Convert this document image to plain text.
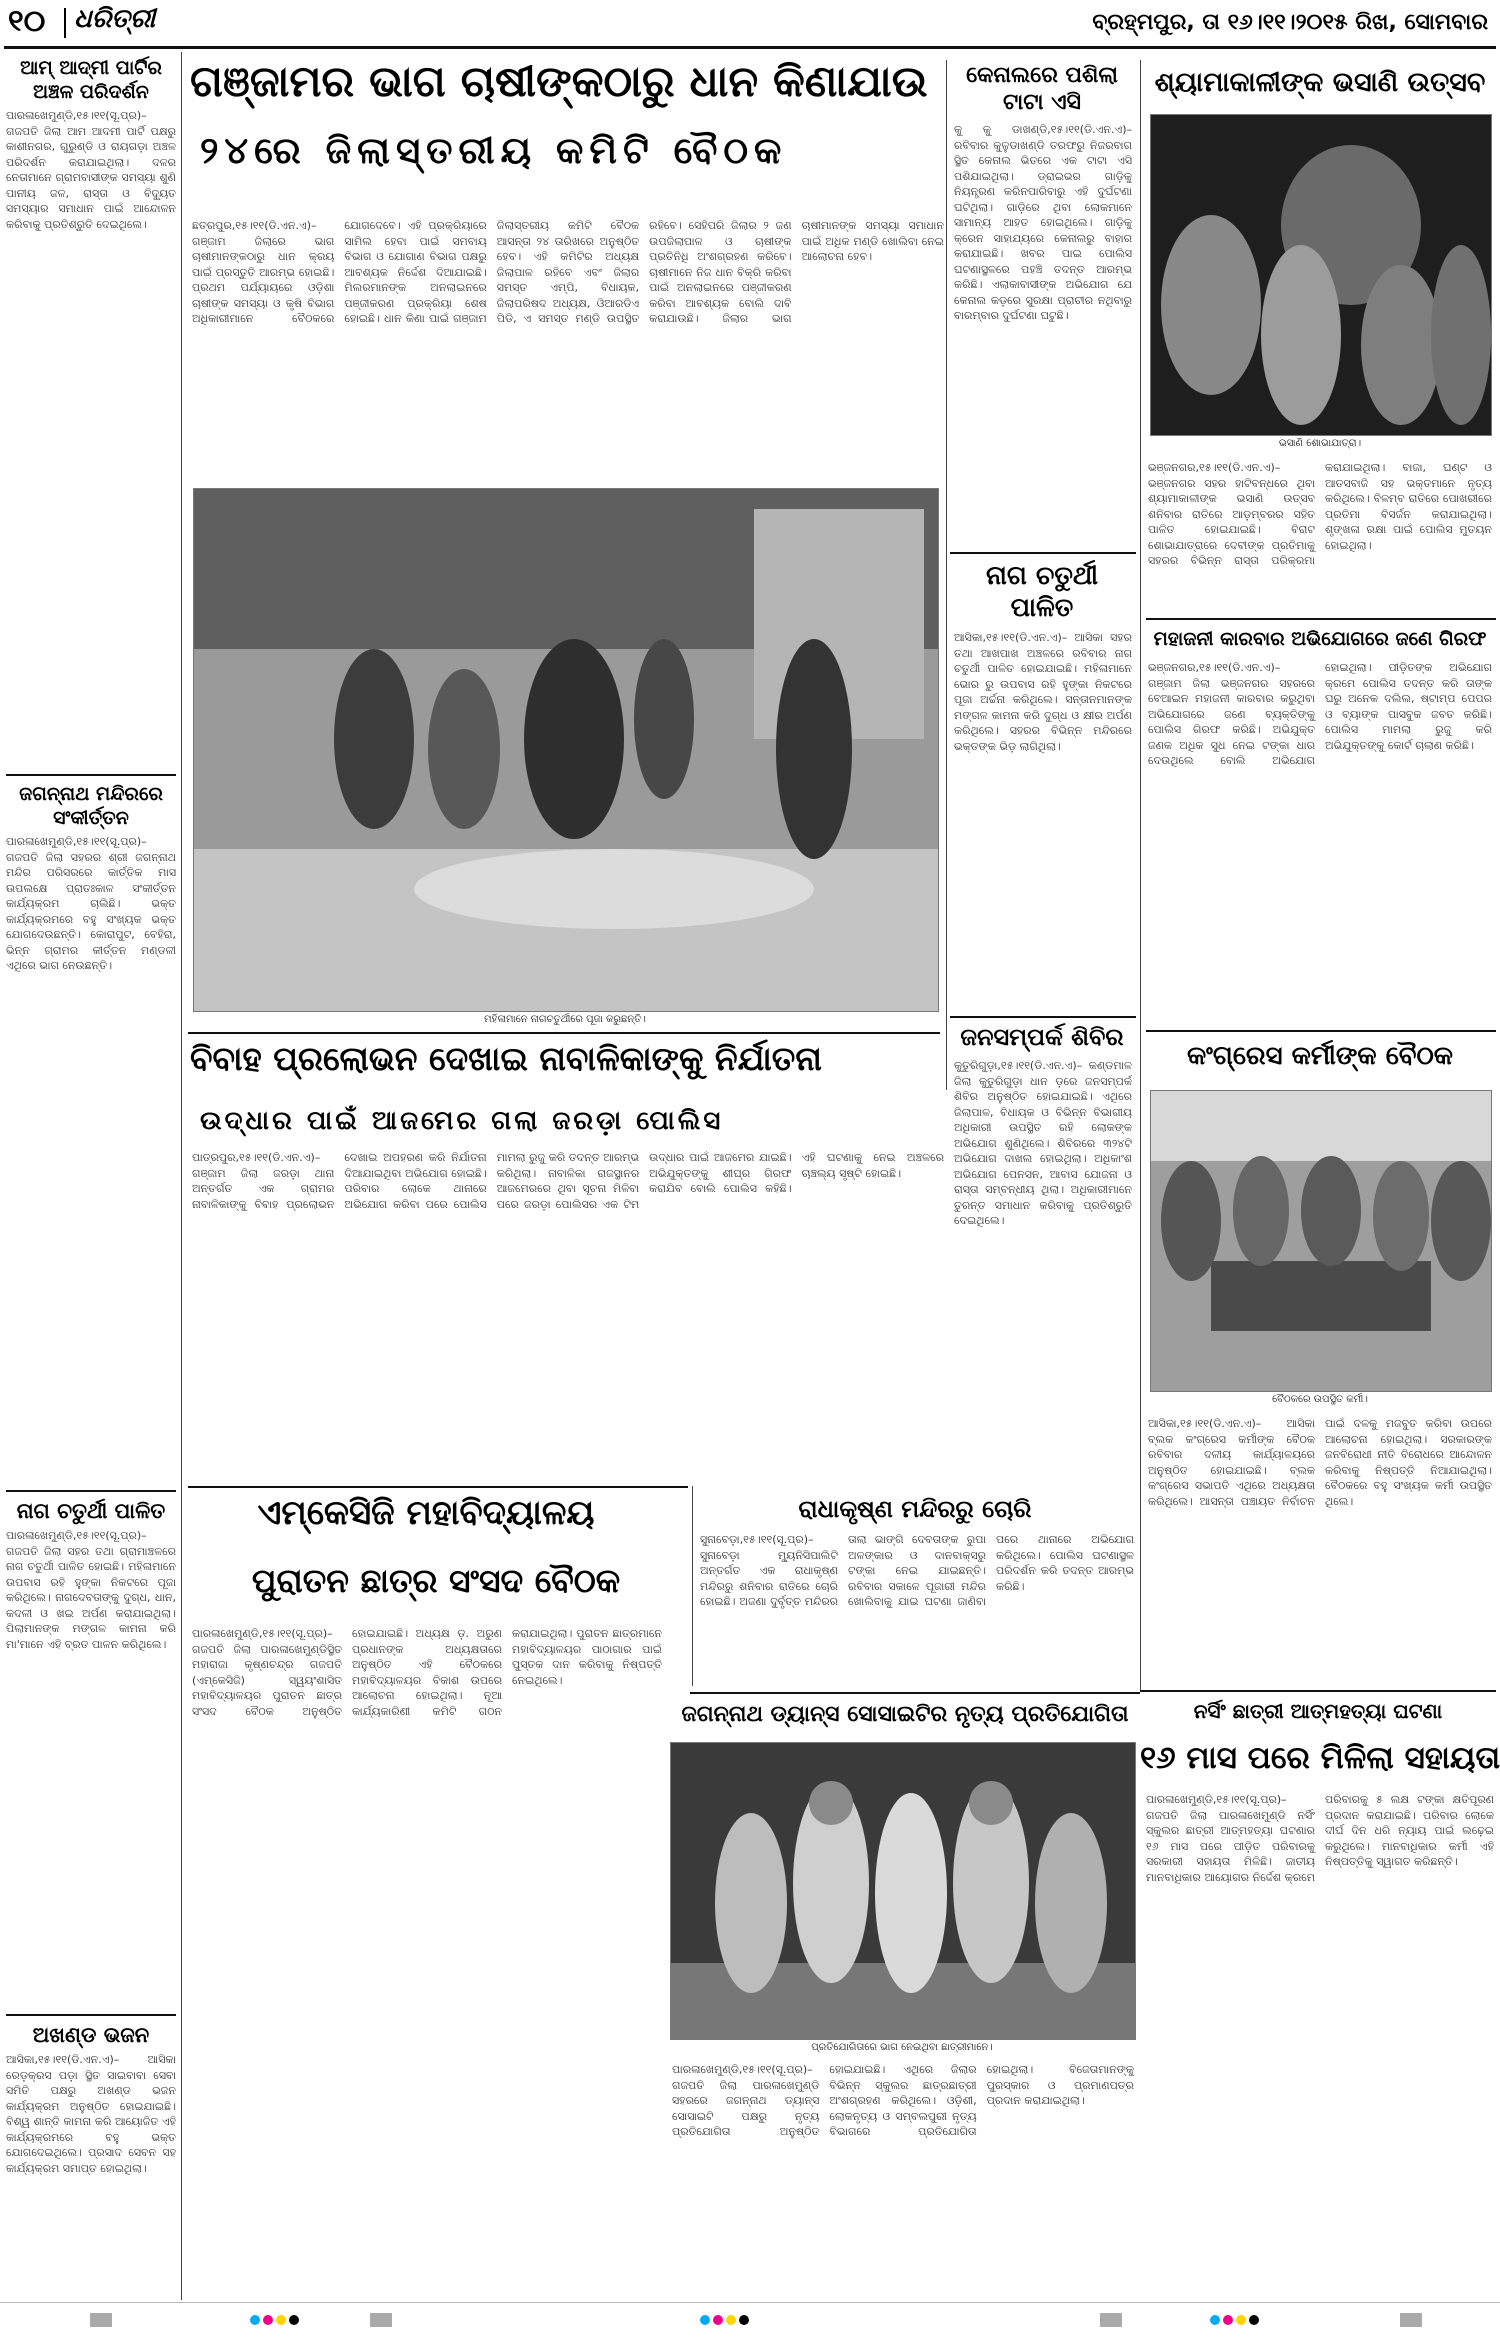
୧୦ ଧରିତ୍ରୀ	ବ୍ରହ୍ମପୁର, ତା ୧୬।୧୧।୨୦୧୫ ରିଖ, ସୋମବାର
ଆମ୍ ଆଦ୍‌ମୀ ପାର୍ଟିର ଅଞ୍ଚଳ ପରିଦର୍ଶନ
ପାରଳାଖେମୁଣ୍ଡି,୧୫।୧୧(ସୂ.ପ୍ର)– ଗଜପତି ଜିଲା ଆମ ଆଦମୀ ପାର୍ଟି ପକ୍ଷରୁ କାଶୀନଗର, ଗୁରୁଣ୍ଡି ଓ ରାୟଗଡ଼ା ଅଞ୍ଚଳ ପରିଦର୍ଶନ କରାଯାଇଥିଲା। ଦଳର ନେତାମାନେ ଗ୍ରାମବାସୀଙ୍କ ସମସ୍ୟା ଶୁଣି ପାନୀୟ ଜଳ, ରାସ୍ତା ଓ ବିଦ୍ୟୁତ ସମସ୍ୟାର ସମାଧାନ ପାଇଁ ଆନ୍ଦୋଳନ କରିବାକୁ ପ୍ରତିଶ୍ରୁତି ଦେଇଥିଲେ।
ଜଗନ୍ନାଥ ମନ୍ଦିରରେ ସଂକୀର୍ତ୍ତନ
ପାରଳାଖେମୁଣ୍ଡି,୧୫।୧୧(ସୂ.ପ୍ର)– ଗଜପତି ଜିଲା ସହରର ଶ୍ରୀ ଜଗନ୍ନାଥ ମନ୍ଦିର ପରିସରରେ କାର୍ତ୍ତିକ ମାସ ଉପଲକ୍ଷେ ପ୍ରାତଃକାଳ ସଂକୀର୍ତ୍ତନ କାର୍ଯ୍ୟକ୍ରମ ଚାଲିଛି। ଭକ୍ତ କାର୍ଯ୍ୟକ୍ରମରେ ବହୁ ସଂଖ୍ୟକ ଭକ୍ତ ଯୋଗଦେଉଛନ୍ତି। କୋରାପୁଟ, ବେହିରା, ଭିନ୍ନ ଗ୍ରାମର କୀର୍ତ୍ତନ ମଣ୍ଡଳୀ ଏଥିରେ ଭାଗ ନେଉଛନ୍ତି।
ନାଗ ଚତୁର୍ଥୀ ପାଳିତ
ପାରଳାଖେମୁଣ୍ଡି,୧୫।୧୧(ସୂ.ପ୍ର)– ଗଜପତି ଜିଲା ସହର ତଥା ଗ୍ରାମାଞ୍ଚଳରେ ନାଗ ଚତୁର୍ଥୀ ପାଳିତ ହୋଇଛି। ମହିଳାମାନେ ଉପବାସ ରହି ହୁଙ୍କା ନିକଟରେ ପୂଜା କରିଥିଲେ। ନାଗଦେବତାଙ୍କୁ ଦୁଗ୍ଧ, ଧାନ, କଦଳୀ ଓ ଖଇ ଅର୍ପଣ କରାଯାଇଥିଲା। ପିଲାମାନଙ୍କ ମଙ୍ଗଳ କାମନା କରି ମା'ମାନେ ଏହି ବ୍ରତ ପାଳନ କରିଥିଲେ।
ଅଖଣ୍ଡ ଭଜନ
ଆସିକା,୧୫।୧୧(ଡି.ଏନ.ଏ)– ଆସିକା ରେଡ଼କ୍ରସ ପଡ଼ା ସ୍ଥିତ ସାଇବାବା ସେବା ସମିତି ପକ୍ଷରୁ ଅଖଣ୍ଡ ଭଜନ କାର୍ଯ୍ୟକ୍ରମ ଅନୁଷ୍ଠିତ ହୋଇଯାଇଛି। ବିଶ୍ୱ ଶାନ୍ତି କାମନା କରି ଆୟୋଜିତ ଏହି କାର୍ଯ୍ୟକ୍ରମରେ ବହୁ ଭକ୍ତ ଯୋଗଦେଇଥିଲେ। ପ୍ରସାଦ ସେବନ ସହ କାର୍ଯ୍ୟକ୍ରମ ସମାପ୍ତ ହୋଇଥିଲା।
ଗଞ୍ଜାମର ଭାଗ ଚାଷୀଙ୍କଠାରୁ ଧାନ କିଣାଯାଉ
୨୪ରେ ଜିଲାସ୍ତରୀୟ କମିଟି ବୈଠକ
ଛତ୍ରପୁର,୧୫।୧୧(ଡି.ଏନ.ଏ)– ଗଞ୍ଜାମ ଜିଲାରେ ଭାଗ ଚାଷୀମାନଙ୍କଠାରୁ ଧାନ କ୍ରୟ ପାଇଁ ପ୍ରସ୍ତୁତି ଆରମ୍ଭ ହୋଇଛି। ପ୍ରଥମ ପର୍ଯ୍ୟାୟରେ ଓଡ଼ିଶା ଚାଷୀଙ୍କ ସମସ୍ୟା ଓ କୃଷି ବିଭାଗ ଅଧିକାରୀମାନେ ବୈଠକରେ ଯୋଗଦେବେ। ଏହି ପ୍ରକ୍ରିୟାରେ ସାମିଲ ହେବା ପାଇଁ ସମବାୟ ବିଭାଗ ଓ ଯୋଗାଣ ବିଭାଗ ପକ୍ଷରୁ ଆବଶ୍ୟକ ନିର୍ଦ୍ଦେଶ ଦିଆଯାଇଛି। ମିଲରମାନଙ୍କ ଅନଲାଇନରେ ପଞ୍ଜୀକରଣ ପ୍ରକ୍ରିୟା ଶେଷ ହୋଇଛି। ଧାନ କିଣା ପାଇଁ ଗଞ୍ଜାମ ଜିଲାସ୍ତରୀୟ କମିଟି ବୈଠକ ଆସନ୍ତା ୨୪ ତାରିଖରେ ଅନୁଷ୍ଠିତ ହେବ। ଏହି କମିଟିର ଅଧ୍ୟକ୍ଷ ଜିଲାପାଳ ରହିବେ ଏବଂ ଜିଲାର ସମସ୍ତ ଏମ୍‌ପି, ବିଧାୟକ, ଜିଲାପରିଷଦ ଅଧ୍ୟକ୍ଷ, ଓିଆରଡିଏ ପିଡି, ଏ ସମସ୍ତ ମଣ୍ଡି ଉପସ୍ଥିତ ରହିବେ। ସେହିପରି ଜିଲାର ୨ ଜଣ ଉପଜିଲାପାଳ ଓ ଚାଷୀଙ୍କ ପ୍ରତିନିଧି ଅଂଶଗ୍ରହଣ କରିବେ। ଚାଷୀମାନେ ନିଜ ଧାନ ବିକ୍ରି କରିବା ପାଇଁ ଅନଲାଇନରେ ପଞ୍ଜୀକରଣ କରିବା ଆବଶ୍ୟକ ବୋଲି ଦାବି କରାଯାଉଛି। ଜିଲାର ଭାଗ ଚାଷୀମାନଙ୍କ ସମସ୍ୟା ସମାଧାନ ପାଇଁ ଅଧିକ ମଣ୍ଡି ଖୋଲିବା ନେଇ ଆଲୋଚନା ହେବ।
ମହିଳାମାନେ ନାଗଚତୁର୍ଥୀରେ ପୂଜା କରୁଛନ୍ତି।
କେନାଲରେ ପଶିଲା ଟାଟା ଏସି
କୁ କୁ ଡାଖଣ୍ଡି,୧୫।୧୧(ଡି.ଏନ.ଏ)– ରବିବାର କୁଳୁଡାଖଣ୍ଡି ତରଫରୁ ନିଜରବାଗ ସ୍ଥିତ କେନାଲ ଭିତରେ ଏକ ଟାଟା ଏସି ପଶିଯାଇଥିଲା। ଡ୍ରାଇଭର ଗାଡ଼ିକୁ ନିୟନ୍ତ୍ରଣ କରିନପାରିବାରୁ ଏହି ଦୁର୍ଘଟଣା ଘଟିଥିଲା। ଗାଡ଼ିରେ ଥିବା ଲୋକମାନେ ସାମାନ୍ୟ ଆହତ ହୋଇଥିଲେ। ଗାଡ଼ିକୁ କ୍ରେନ ସାହାଯ୍ୟରେ କେନାଲରୁ ବାହାର କରାଯାଇଛି। ଖବର ପାଇ ପୋଲିସ ଘଟଣାସ୍ଥଳରେ ପହଞ୍ଚି ତଦନ୍ତ ଆରମ୍ଭ କରିଛି। ଏଲାକାବାସୀଙ୍କ ଅଭିଯୋଗ ଯେ କେନାଲ କଡ଼ରେ ସୁରକ୍ଷା ପ୍ରାଚୀର ନଥିବାରୁ ବାରମ୍ବାର ଦୁର୍ଘଟଣା ଘଟୁଛି।
ନାଗ ଚତୁର୍ଥୀ ପାଳିତ
ଆସିକା,୧୫।୧୧(ଡି.ଏନ.ଏ)– ଆସିକା ସହର ତଥା ଆଖପାଖ ଅଞ୍ଚଳରେ ରବିବାର ନାଗ ଚତୁର୍ଥୀ ପାଳିତ ହୋଇଯାଇଛି। ମହିଳାମାନେ ଭୋର ରୁ ଉପବାସ ରହି ହୁଙ୍କା ନିକଟରେ ପୂଜା ଅର୍ଚ୍ଚନା କରିଥିଲେ। ସନ୍ତାନମାନଙ୍କ ମଙ୍ଗଳ କାମନା କରି ଦୁଗ୍ଧ ଓ କ୍ଷୀର ଅର୍ପଣ କରିଥିଲେ। ସହରର ବିଭିନ୍ନ ମନ୍ଦିରରେ ଭକ୍ତଙ୍କ ଭିଡ଼ ଲାଗିଥିଲା।
ଜନସମ୍ପର୍କ ଶିବିର
କୁତୁରିଗୁଡ଼ା,୧୫।୧୧(ଡି.ଏନ.ଏ)– କଣ୍ଡମାଳ ଜିଲା କୁତୁରିଗୁଡ଼ା ଧାନ ଡ଼ରେ ଜନସମ୍ପର୍କ ଶିବିର ଅନୁଷ୍ଠିତ ହୋଇଯାଇଛି। ଏଥିରେ ଜିଲାପାଳ, ବିଧାୟକ ଓ ବିଭିନ୍ନ ବିଭାଗୀୟ ଅଧିକାରୀ ଉପସ୍ଥିତ ରହି ଲୋକଙ୍କ ଅଭିଯୋଗ ଶୁଣିଥିଲେ। ଶିବିରରେ ୩୨୪ଟି ଅଭିଯୋଗ ଦାଖଲ ହୋଇଥିଲା। ଅଧିକାଂଶ ଅଭିଯୋଗ ପେନସନ, ଆବାସ ଯୋଜନା ଓ ରାସ୍ତା ସମ୍ବନ୍ଧୀୟ ଥିଲା। ଅଧିକାରୀମାନେ ତୁରନ୍ତ ସମାଧାନ କରିବାକୁ ପ୍ରତିଶ୍ରୁତି ଦେଇଥିଲେ।
ଶ୍ୟାମାକାଳୀଙ୍କ ଭସାଣି ଉତ୍ସବ
ଭସାଣି ଶୋଭାଯାତ୍ରା।
ଭଞ୍ଜନଗର,୧୫।୧୧(ଡି.ଏନ.ଏ)– ଭଞ୍ଜନଗର ସହର ହାଟିବନ୍ଧରେ ଥିବା ଶ୍ୟାମାକାଳୀଙ୍କ ଭସାଣି ଉତ୍ସବ ଶନିବାର ରାତିରେ ଆଡ଼ମ୍ବରର ସହିତ ପାଳିତ ହୋଇଯାଇଛି। ବିରାଟ ଶୋଭାଯାତ୍ରାରେ ଦେବୀଙ୍କ ପ୍ରତିମାକୁ ସହରର ବିଭିନ୍ନ ରାସ୍ତା ପରିକ୍ରମା କରାଯାଇଥିଲା। ବାଜା, ଘଣ୍ଟ ଓ ଆତସବାଜି ସହ ଭକ୍ତମାନେ ନୃତ୍ୟ କରିଥିଲେ। ବିଳମ୍ବ ରାତିରେ ପୋଖରୀରେ ପ୍ରତିମା ବିସର୍ଜନ କରାଯାଇଥିଲା। ଶୃଙ୍ଖଳା ରକ୍ଷା ପାଇଁ ପୋଲିସ ମୁତୟନ ହୋଇଥିଲା।
ମହାଜନୀ କାରବାର ଅଭିଯୋଗରେ ଜଣେ ଗିରଫ
ଭଞ୍ଜନଗର,୧୫।୧୧(ଡି.ଏନ.ଏ)– ଗଞ୍ଜାମ ଜିଲା ଭଞ୍ଜନଗର ସହରରେ ବେଆଇନ ମହାଜନୀ କାରବାର କରୁଥିବା ଅଭିଯୋଗରେ ଜଣେ ବ୍ୟକ୍ତିଙ୍କୁ ପୋଲିସ ଗିରଫ କରିଛି। ଅଭିଯୁକ୍ତ ଜଣକ ଅଧିକ ସୁଧ ନେଇ ଟଙ୍କା ଧାର ଦେଉଥିଲେ ବୋଲି ଅଭିଯୋଗ ହୋଇଥିଲା। ପୀଡ଼ିତଙ୍କ ଅଭିଯୋଗ କ୍ରମେ ପୋଲିସ ତଦନ୍ତ କରି ତାଙ୍କ ଘରୁ ଅନେକ ଦଲିଲ, ଷ୍ଟାମ୍ପ ପେପର ଓ ବ୍ୟାଙ୍କ ପାସବୁକ ଜବତ କରିଛି। ପୋଲିସ ମାମଲା ରୁଜୁ କରି ଅଭିଯୁକ୍ତଙ୍କୁ କୋର୍ଟ ଚାଲାଣ କରିଛି।
କଂଗ୍ରେସ କର୍ମୀଙ୍କ ବୈଠକ
ବୈଠକରେ ଉପସ୍ଥିତ କର୍ମୀ।
ଆସିକା,୧୫।୧୧(ଡି.ଏନ.ଏ)– ଆସିକା ବ୍ଲକ କଂଗ୍ରେସ କର୍ମୀଙ୍କ ବୈଠକ ରବିବାର ଦଳୀୟ କାର୍ଯ୍ୟାଳୟରେ ଅନୁଷ୍ଠିତ ହୋଇଯାଇଛି। ବ୍ଲକ କଂଗ୍ରେସ ସଭାପତି ଏଥିରେ ଅଧ୍ୟକ୍ଷତା କରିଥିଲେ। ଆସନ୍ତା ପଞ୍ଚାୟତ ନିର୍ବାଚନ ପାଇଁ ଦଳକୁ ମଜବୁତ କରିବା ଉପରେ ଆଲୋଚନା ହୋଇଥିଲା। ସରକାରଙ୍କ ଜନବିରୋଧୀ ନୀତି ବିରୋଧରେ ଆନ୍ଦୋଳନ କରିବାକୁ ନିଷ୍ପତ୍ତି ନିଆଯାଇଥିଲା। ବୈଠକରେ ବହୁ ସଂଖ୍ୟକ କର୍ମୀ ଉପସ୍ଥିତ ଥିଲେ।
ବିବାହ ପ୍ରଲୋଭନ ଦେଖାଇ ନାବାଳିକାଙ୍କୁ ନିର୍ଯାତନା
ଉଦ୍ଧାର ପାଇଁ ଆଜମେର ଗଲା ଜରଡ଼ା ପୋଲିସ
ପାତ୍ରପୁର,୧୫।୧୧(ଡି.ଏନ.ଏ)– ଗଞ୍ଜାମ ଜିଲା ଜରଡ଼ା ଥାନା ଅନ୍ତର୍ଗତ ଏକ ଗ୍ରାମର ନାବାଳିକାଙ୍କୁ ବିବାହ ପ୍ରଲୋଭନ ଦେଖାଇ ଅପହରଣ କରି ନିର୍ଯାତନା ଦିଆଯାଇଥିବା ଅଭିଯୋଗ ହୋଇଛି। ପରିବାର ଲୋକେ ଥାନାରେ ଅଭିଯୋଗ କରିବା ପରେ ପୋଲିସ ମାମଲା ରୁଜୁ କରି ତଦନ୍ତ ଆରମ୍ଭ କରିଥିଲା। ନାବାଳିକା ରାଜସ୍ଥାନର ଆଜମେରରେ ଥିବା ସୂଚନା ମିଳିବା ପରେ ଜରଡ଼ା ପୋଲିସର ଏକ ଟିମ ଉଦ୍ଧାର ପାଇଁ ଆଜମେର ଯାଇଛି। ଅଭିଯୁକ୍ତଙ୍କୁ ଶୀଘ୍ର ଗିରଫ କରାଯିବ ବୋଲି ପୋଲିସ କହିଛି। ଏହି ଘଟଣାକୁ ନେଇ ଅଞ୍ଚଳରେ ଚାଞ୍ଚଲ୍ୟ ସୃଷ୍ଟି ହୋଇଛି।
ଏମ୍‌କେସିଜି ମହାବିଦ୍ୟାଳୟ
ପୁରାତନ ଛାତ୍ର ସଂସଦ ବୈଠକ
ପାରଳାଖେମୁଣ୍ଡି,୧୫।୧୧(ସୂ.ପ୍ର)– ଗଜପତି ଜିଲା ପାରଳାଖେମୁଣ୍ଡିସ୍ଥିତ ମହାରାଜା କୃଷ୍ଣଚନ୍ଦ୍ର ଗଜପତି (ଏମ୍‌କେସିଜି) ସ୍ୱୟଂଶାସିତ ମହାବିଦ୍ୟାଳୟର ପୁରାତନ ଛାତ୍ର ସଂସଦ ବୈଠକ ଅନୁଷ୍ଠିତ ହୋଇଯାଇଛି। ଅଧ୍ୟକ୍ଷ ଡ଼. ଅରୁଣ ପ୍ରଧାନଙ୍କ ଅଧ୍ୟକ୍ଷତାରେ ଅନୁଷ୍ଠିତ ଏହି ବୈଠକରେ ମହାବିଦ୍ୟାଳୟର ବିକାଶ ଉପରେ ଆଲୋଚନା ହୋଇଥିଲା। ନୂଆ କାର୍ଯ୍ୟକାରିଣୀ କମିଟି ଗଠନ କରାଯାଇଥିଲା। ପୁରାତନ ଛାତ୍ରମାନେ ମହାବିଦ୍ୟାଳୟର ପାଠାଗାର ପାଇଁ ପୁସ୍ତକ ଦାନ କରିବାକୁ ନିଷ୍ପତ୍ତି ନେଇଥିଲେ।
ରାଧାକୃଷ୍ଣ ମନ୍ଦିରରୁ ଚୋରି
ସୁନାବେଡ଼ା,୧୫।୧୧(ସୂ.ପ୍ର)– ସୁନାବେଡ଼ା ମ୍ୟୁନିସିପାଲିଟି ଅନ୍ତର୍ଗତ ଏକ ରାଧାକୃଷ୍ଣ ମନ୍ଦିରରୁ ଶନିବାର ରାତିରେ ଚୋରି ହୋଇଛି। ଅଜଣା ଦୁର୍ବୃତ୍ତ ମନ୍ଦିରର ତାଲା ଭାଙ୍ଗି ଦେବତାଙ୍କ ରୁପା ଅଳଙ୍କାର ଓ ଦାନବାକ୍ସରୁ ଟଙ୍କା ନେଇ ଯାଇଛନ୍ତି। ରବିବାର ସକାଳେ ପୂଜାରୀ ମନ୍ଦିର ଖୋଲିବାକୁ ଯାଇ ଘଟଣା ଜାଣିବା ପରେ ଥାନାରେ ଅଭିଯୋଗ କରିଥିଲେ। ପୋଲିସ ଘଟଣାସ୍ଥଳ ପରିଦର୍ଶନ କରି ତଦନ୍ତ ଆରମ୍ଭ କରିଛି।
ଜଗନ୍ନାଥ ଡ୍ୟାନ୍ସ ସୋସାଇଟିର ନୃତ୍ୟ ପ୍ରତିଯୋଗିତା
ପ୍ରତିଯୋଗିତାରେ ଭାଗ ନେଇଥିବା ଛାତ୍ରୀମାନେ।
ପାରଳାଖେମୁଣ୍ଡି,୧୫।୧୧(ସୂ.ପ୍ର)– ଗଜପତି ଜିଲା ପାରଳାଖେମୁଣ୍ଡି ସହରରେ ଜଗନ୍ନାଥ ଡ୍ୟାନ୍ସ ସୋସାଇଟି ପକ୍ଷରୁ ନୃତ୍ୟ ପ୍ରତିଯୋଗିତା ଅନୁଷ୍ଠିତ ହୋଇଯାଇଛି। ଏଥିରେ ଜିଲାର ବିଭିନ୍ନ ସ୍କୁଲର ଛାତ୍ରଛାତ୍ରୀ ଅଂଶଗ୍ରହଣ କରିଥିଲେ। ଓଡ଼ିଶୀ, ଲୋକନୃତ୍ୟ ଓ ସମ୍ବଲପୁରୀ ନୃତ୍ୟ ବିଭାଗରେ ପ୍ରତିଯୋଗିତା ହୋଇଥିଲା। ବିଜେତାମାନଙ୍କୁ ପୁରସ୍କାର ଓ ପ୍ରମାଣପତ୍ର ପ୍ରଦାନ କରାଯାଇଥିଲା।
ନର୍ସିଂ ଛାତ୍ରୀ ଆତ୍ମହତ୍ୟା ଘଟଣା
୧୬ ମାସ ପରେ ମିଳିଲା ସହାୟତା
ପାରଳାଖେମୁଣ୍ଡି,୧୫।୧୧(ସୂ.ପ୍ର)– ଗଜପତି ଜିଲା ପାରଳାଖେମୁଣ୍ଡି ନର୍ସିଂ ସ୍କୁଲର ଛାତ୍ରୀ ଆତ୍ମହତ୍ୟା ଘଟଣାର ୧୬ ମାସ ପରେ ପୀଡ଼ିତ ପରିବାରକୁ ସରକାରୀ ସହାୟତା ମିଳିଛି। ଜାତୀୟ ମାନବାଧିକାର ଆୟୋଗର ନିର୍ଦ୍ଦେଶ କ୍ରମେ ପରିବାରକୁ ୫ ଲକ୍ଷ ଟଙ୍କା କ୍ଷତିପୂରଣ ପ୍ରଦାନ କରାଯାଇଛି। ପରିବାର ଲୋକେ ଦୀର୍ଘ ଦିନ ଧରି ନ୍ୟାୟ ପାଇଁ ଲଢ଼େଇ କରୁଥିଲେ। ମାନବାଧିକାର କର୍ମୀ ଏହି ନିଷ୍ପତ୍ତିକୁ ସ୍ୱାଗତ କରିଛନ୍ତି।
